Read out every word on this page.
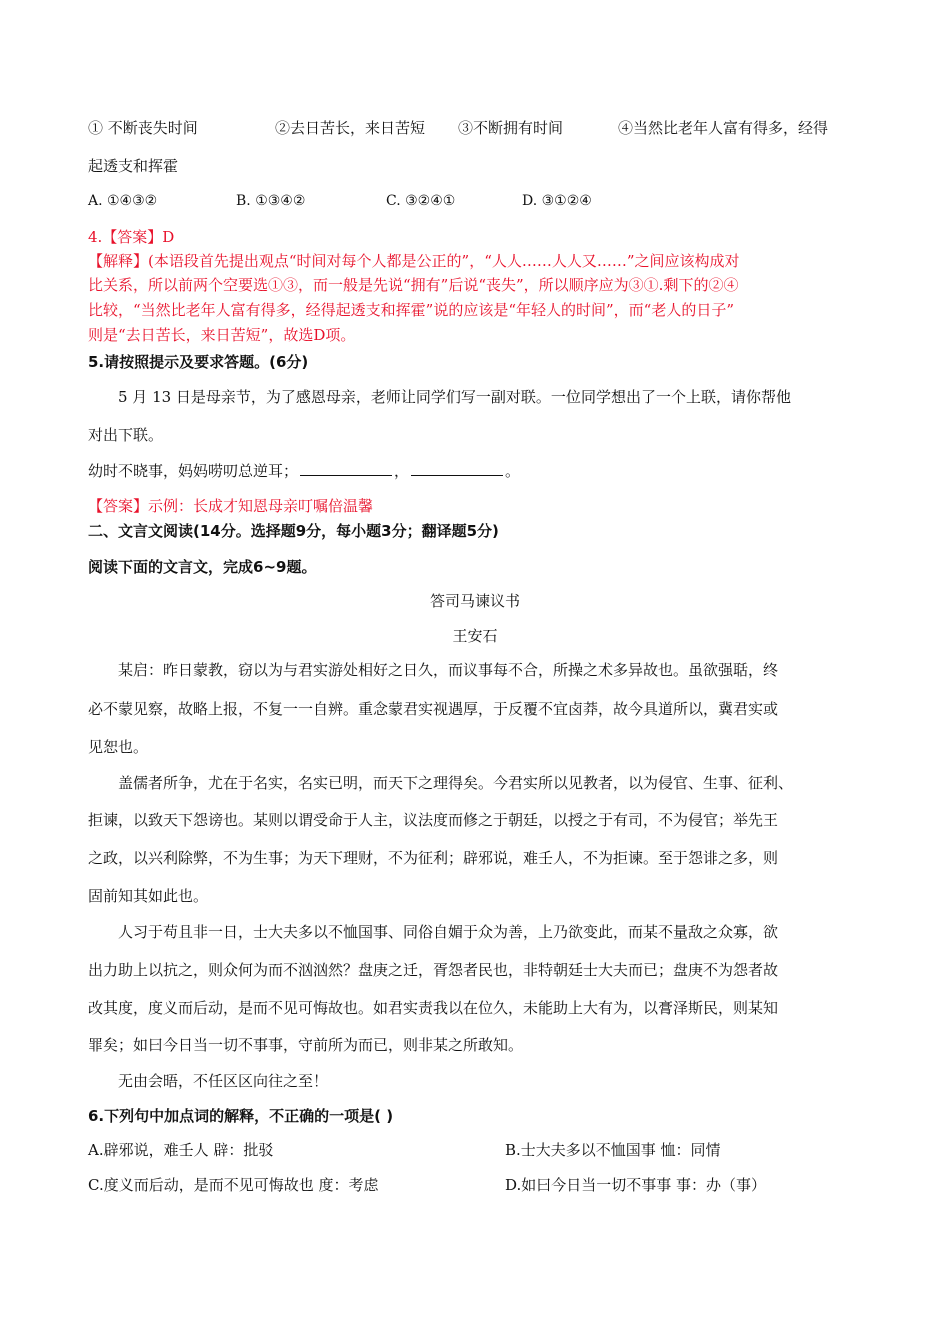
① 不断丧失时间	②去日苦长，来日苦短 ③不断拥有时间	④当然比老年人富有得多，经得
起透支和挥霍
A. ①④③②	B. ①③④②	C. ③②④①	D. ③①②④
4.【答案】D
【解释】(本语段首先提出观点“时间对每个人都是公正的”，“人人……人人又……”之间应该构成对
比关系，所以前两个空要选①③，而一般是先说“拥有”后说“丧失”，所以顺序应为③①.剩下的②④
比较，“当然比老年人富有得多，经得起透支和挥霍”说的应该是“年轻人的时间”，而“老人的日子”
则是“去日苦长，来日苦短”，故选D项。
5.请按照提示及要求答题。(6分)
5 月 13 日是母亲节，为了感恩母亲，老师让同学们写一副对联。一位同学想出了一个上联，请你帮他
对出下联。
幼时不晓事，妈妈唠叨总逆耳；	，	。
【答案】示例：长成才知恩母亲叮嘱倍温馨
二、文言文阅读(14分。选择题9分，每小题3分；翻译题5分)
阅读下面的文言文，完成6~9题。
答司马谏议书
王安石
某启：昨日蒙教，窃以为与君实游处相好之日久，而议事每不合，所操之术多异故也。虽欲强聒，终
必不蒙见察，故略上报，不复一一自辨。重念蒙君实视遇厚，于反覆不宜卤莽，故今具道所以，冀君实或
见恕也。
盖儒者所争，尤在于名实，名实已明，而天下之理得矣。今君实所以见教者，以为侵官、生事、征利、
拒谏，以致天下怨谤也。某则以谓受命于人主，议法度而修之于朝廷，以授之于有司，不为侵官；举先王
之政，以兴利除弊，不为生事；为天下理财，不为征利；辟邪说，难壬人，不为拒谏。至于怨诽之多，则
固前知其如此也。
人习于苟且非一日，士大夫多以不恤国事、同俗自媚于众为善，上乃欲变此，而某不量敌之众寡，欲
出力助上以抗之，则众何为而不汹汹然？盘庚之迁，胥怨者民也，非特朝廷士大夫而已；盘庚不为怨者故
改其度，度义而后动，是而不见可悔故也。如君实责我以在位久，未能助上大有为，以膏泽斯民，则某知
罪矣；如曰今日当一切不事事，守前所为而已，则非某之所敢知。
无由会晤，不任区区向往之至！
6.下列句中加点词的解释，不正确的一项是( )
A.辟邪说，难壬人 辟：批驳	B.士大夫多以不恤国事 恤：同情
C.度义而后动，是而不见可悔故也 度：考虑	D.如曰今日当一切不事事 事：办（事）
